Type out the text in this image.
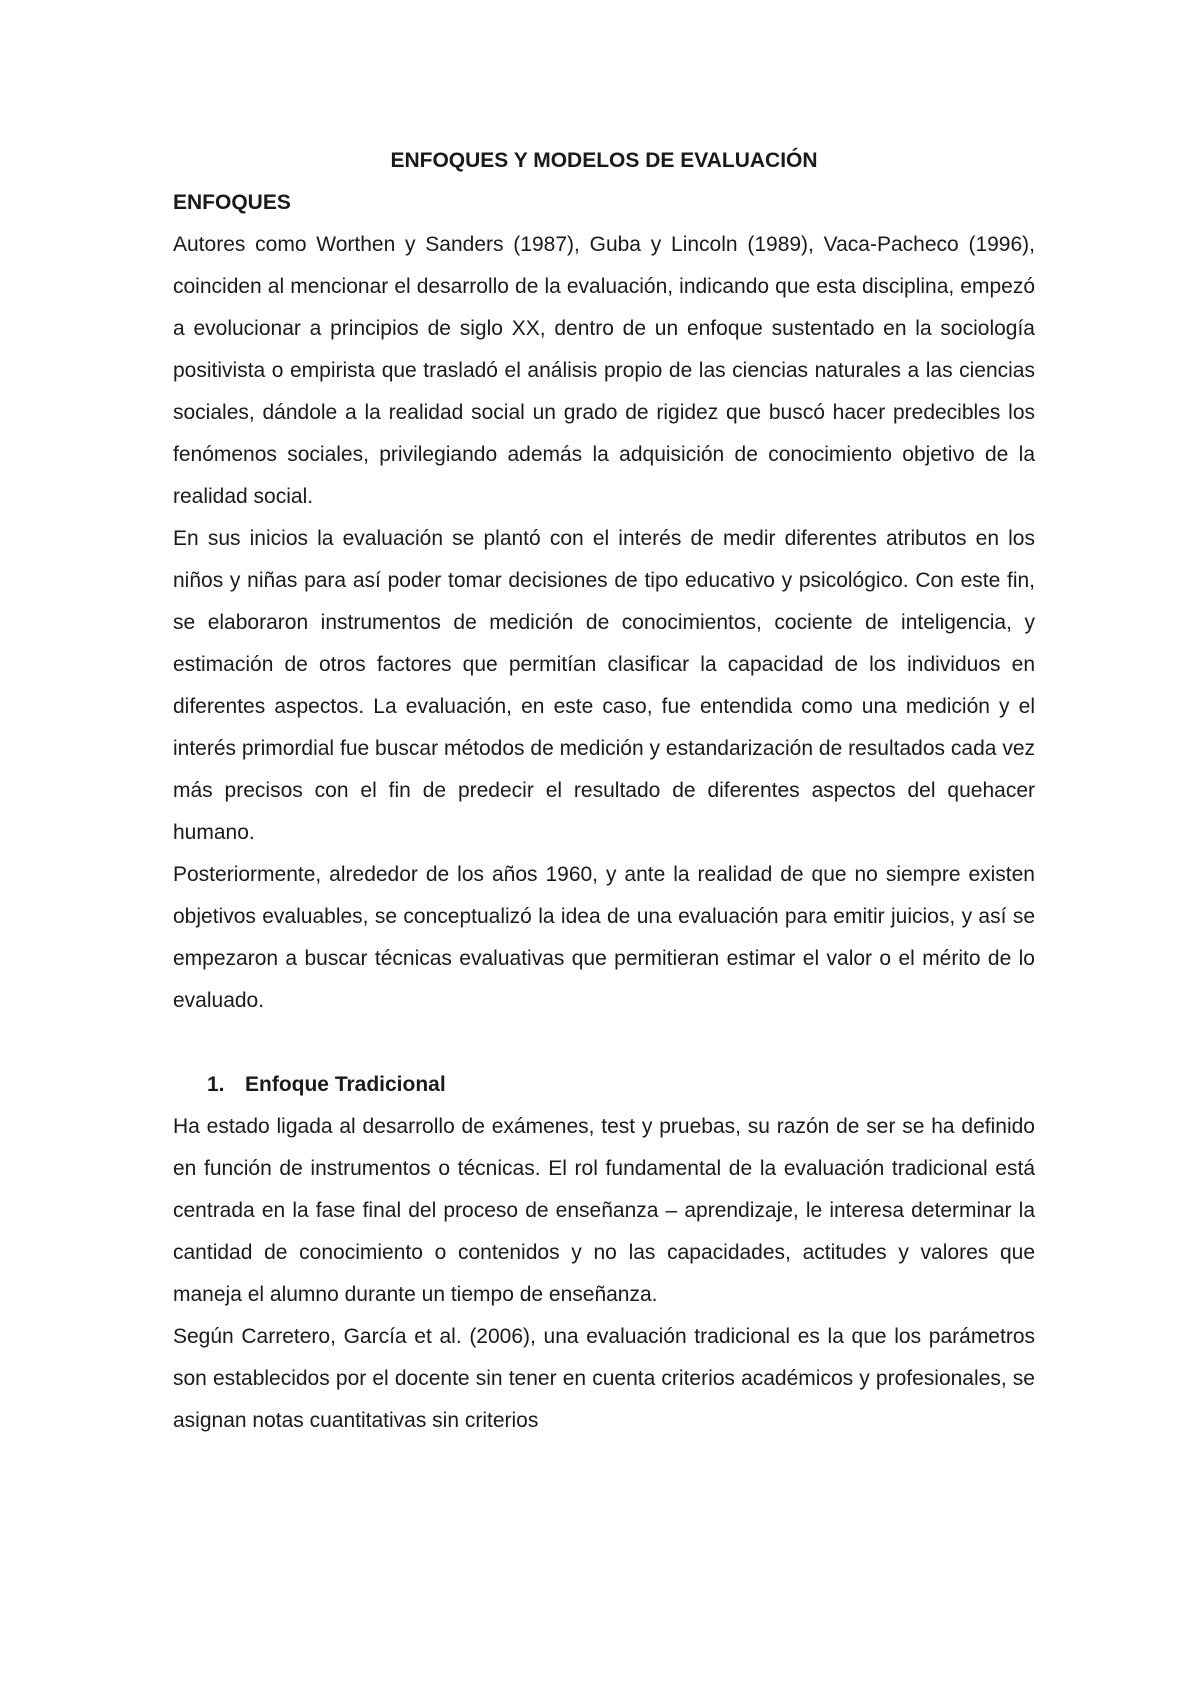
ENFOQUES Y MODELOS DE EVALUACIÓN

ENFOQUES

Autores como Worthen y Sanders (1987), Guba y Lincoln (1989), Vaca-Pacheco (1996), coinciden al mencionar el desarrollo de la evaluación, indicando que esta disciplina, empezó a evolucionar a principios de siglo XX, dentro de un enfoque sustentado en la sociología positivista o empirista que trasladó el análisis propio de las ciencias naturales a las ciencias sociales, dándole a la realidad social un grado de rigidez que buscó hacer predecibles los fenómenos sociales, privilegiando además la adquisición de conocimiento objetivo de la realidad social.

En sus inicios la evaluación se plantó con el interés de medir diferentes atributos en los niños y niñas para así poder tomar decisiones de tipo educativo y psicológico. Con este fin, se elaboraron instrumentos de medición de conocimientos, cociente de inteligencia, y estimación de otros factores que permitían clasificar la capacidad de los individuos en diferentes aspectos. La evaluación, en este caso, fue entendida como una medición y el interés primordial fue buscar métodos de medición y estandarización de resultados cada vez más precisos con el fin de predecir el resultado de diferentes aspectos del quehacer humano.

Posteriormente, alrededor de los años 1960, y ante la realidad de que no siempre existen objetivos evaluables, se conceptualizó la idea de una evaluación para emitir juicios, y así se empezaron a buscar técnicas evaluativas que permitieran estimar el valor o el mérito de lo evaluado.

1. Enfoque Tradicional

Ha estado ligada al desarrollo de exámenes, test y pruebas, su razón de ser se ha definido en función de instrumentos o técnicas. El rol fundamental de la evaluación tradicional está centrada en la fase final del proceso de enseñanza – aprendizaje, le interesa determinar la cantidad de conocimiento o contenidos y no las capacidades, actitudes y valores que maneja el alumno durante un tiempo de enseñanza.

Según Carretero, García et al. (2006), una evaluación tradicional es la que los parámetros son establecidos por el docente sin tener en cuenta criterios académicos y profesionales, se asignan notas cuantitativas sin criterios
